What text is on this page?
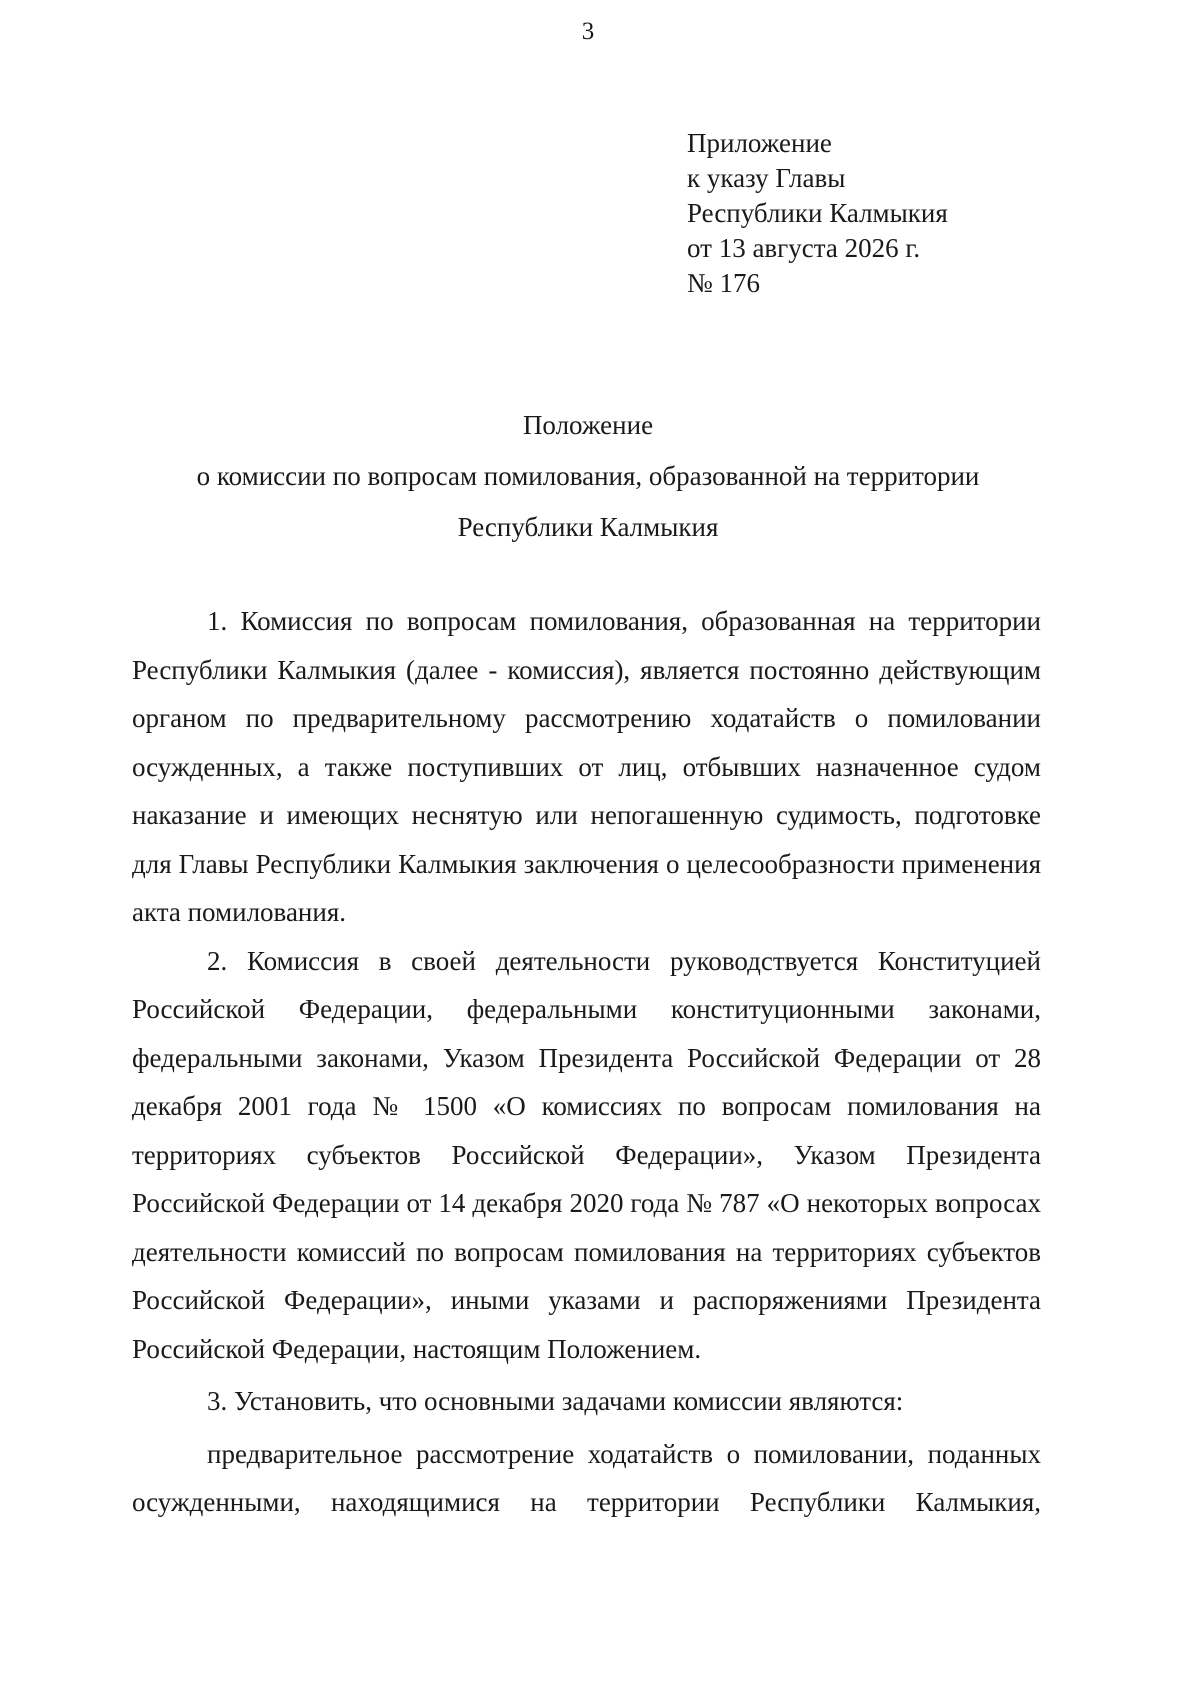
3
Приложение
к указу Главы
Республики Калмыкия
от 13 августа 2026 г.
№ 176
Положение
о комиссии по вопросам помилования, образованной на территории
Республики Калмыкия

1. Комиссия по вопросам помилования, образованная на территории Республики Калмыкия (далее - комиссия), является постоянно действующим органом по предварительному рассмотрению ходатайств о помиловании осужденных, а также поступивших от лиц, отбывших назначенное судом наказание и имеющих неснятую или непогашенную судимость, подготовке для Главы Республики Калмыкия заключения о целесообразности применения акта помилования.

2. Комиссия в своей деятельности руководствуется Конституцией Российской Федерации, федеральными конституционными законами, федеральными законами, Указом Президента Российской Федерации от 28 декабря 2001 года № 1500 «О комиссиях по вопросам помилования на территориях субъектов Российской Федерации», Указом Президента Российской Федерации от 14 декабря 2020 года № 787 «О некоторых вопросах деятельности комиссий по вопросам помилования на территориях субъектов Российской Федерации», иными указами и распоряжениями Президента Российской Федерации, настоящим Положением.

3. Установить, что основными задачами комиссии являются:

предварительное рассмотрение ходатайств о помиловании, поданных осужденными, находящимися на территории Республики Калмыкия,
